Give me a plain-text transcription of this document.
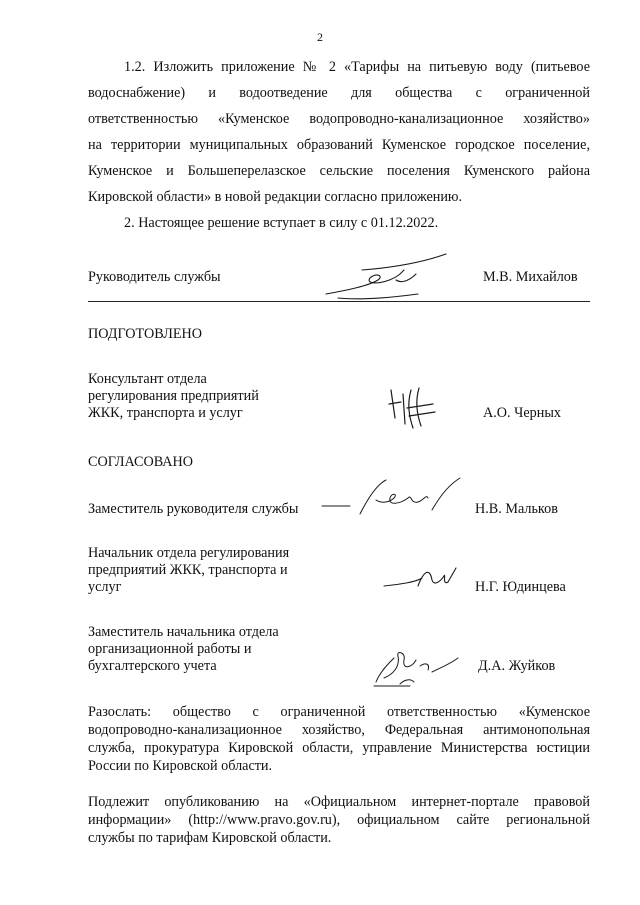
2

1.2. Изложить приложение № 2 «Тарифы на питьевую воду (питьевое

водоснабжение) и водоотведение для общества с ограниченной

ответственностью «Куменское водопроводно-канализационное хозяйство»

на территории муниципальных образований Куменское городское поселение,

Куменское и Большеперелазское сельские поселения Куменского района

Кировской области» в новой редакции согласно приложению.

2. Настоящее решение вступает в силу с 01.12.2022.

Руководитель службы	М.В. Михайлов
ПОДГОТОВЛЕНО
Консультант отдела
регулирования предприятий
ЖКК, транспорта и услуг	А.О. Черных
СОГЛАСОВАНО
Заместитель руководителя службы	Н.В. Мальков
Начальник отдела регулирования
предприятий ЖКК, транспорта и
услуг	Н.Г. Юдинцева
Заместитель начальника отдела
организационной работы и
бухгалтерского учета	Д.А. Жуйков

Разослать: общество с ограниченной ответственностью «Куменское

водопроводно-канализационное хозяйство, Федеральная антимонопольная

служба, прокуратура Кировской области, управление Министерства юстиции

России по Кировской области.

Подлежит опубликованию на «Официальном интернет-портале правовой

информации» (http://www.pravo.gov.ru), официальном сайте региональной

службы по тарифам Кировской области.
